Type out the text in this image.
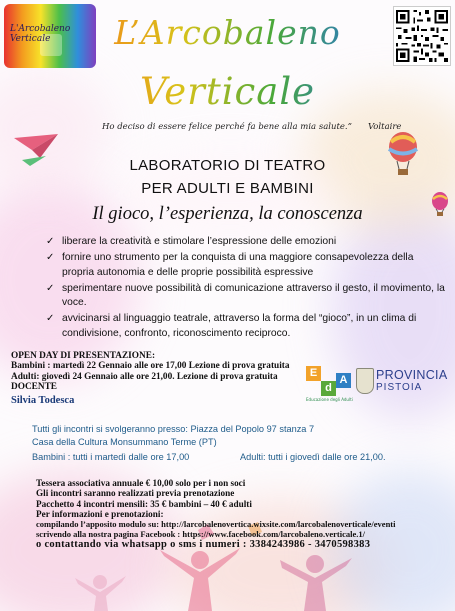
L’Arcobaleno
Verticale
Ho deciso di essere felice perché fa bene alla mia salute.” Voltaire
LABORATORIO DI TEATRO
PER ADULTI E BAMBINI
Il gioco, l’esperienza, la conoscenza
✓ liberare la creatività e stimolare l’espressione delle emozioni
✓ fornire uno strumento per la conquista di una maggiore consapevolezza della propria autonomia e delle proprie possibilità espressive
✓ sperimentare nuove possibilità di comunicazione attraverso il gesto, il movimento, la voce.
✓ avvicinarsi al linguaggio teatrale, attraverso la forma del “gioco”, in un clima di condivisione, confronto, riconoscimento reciproco.
OPEN DAY DI PRESENTAZIONE:
Bambini : martedì 22 Gennaio alle ore 17,00 Lezione di prova gratuita
Adulti: giovedì 24 Gennaio alle ore 21,00. Lezione di prova gratuita
DOCENTE
Silvia Todesca
E
d
A
Educazione degli Adulti
PROVINCIA
PISTOIA
Tutti gli incontri si svolgeranno presso: Piazza del Popolo 97 stanza 7
Casa della Cultura Monsummano Terme (PT)
Bambini : tutti i martedì dalle ore 17,00	Adulti: tutti i giovedì dalle ore 21,00.
Tessera associativa annuale € 10,00 solo per i non soci
Gli incontri saranno realizzati previa prenotazione
Pacchetto 4 incontri mensili: 35 € bambini – 40 € adulti
Per informazioni e prenotazioni:
compilando l’apposito modulo su: http://larcobalenovertica.wixsite.com/larcobalenoverticale/eventi
scrivendo alla nostra pagina Facebook : https://www.facebook.com/larcobaleno.verticale.1/
o contattando via whatsapp o sms i numeri : 3384243986 - 3470598383
